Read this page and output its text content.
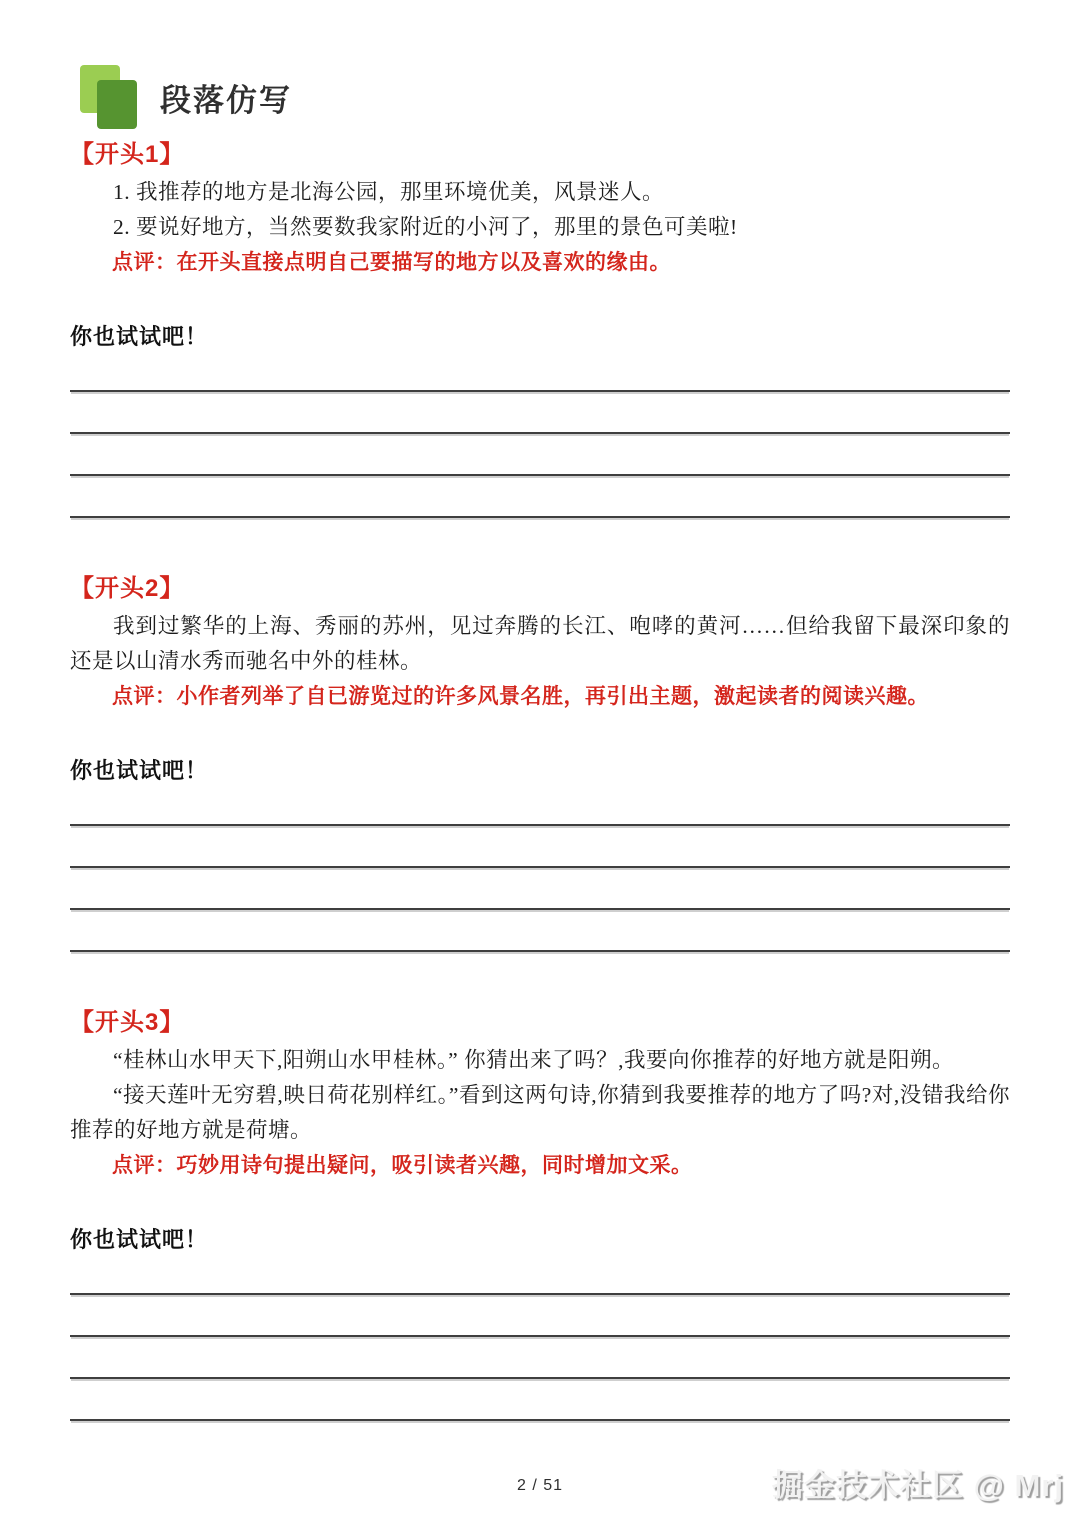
段落仿写
【开头1】

1. 我推荐的地方是北海公园，那里环境优美，风景迷人。

2. 要说好地方，当然要数我家附近的小河了，那里的景色可美啦!

点评：在开头直接点明自己要描写的地方以及喜欢的缘由。

你也试试吧！
【开头2】

我到过繁华的上海、秀丽的苏州，见过奔腾的长江、咆哮的黄河……但给我留下最深印象的还是以山清水秀而驰名中外的桂林。

点评：小作者列举了自已游览过的许多风景名胜，再引出主题，激起读者的阅读兴趣。

你也试试吧！
【开头3】

“桂林山水甲天下,阳朔山水甲桂林。” 你猜出来了吗？,我要向你推荐的好地方就是阳朔。

“接天莲叶无穷碧,映日荷花别样红。”看到这两句诗,你猜到我要推荐的地方了吗?对,没错我给你推荐的好地方就是荷塘。

点评：巧妙用诗句提出疑问，吸引读者兴趣，同时增加文采。

你也试试吧！
2 / 51	掘金技术社区 @ Mrj
